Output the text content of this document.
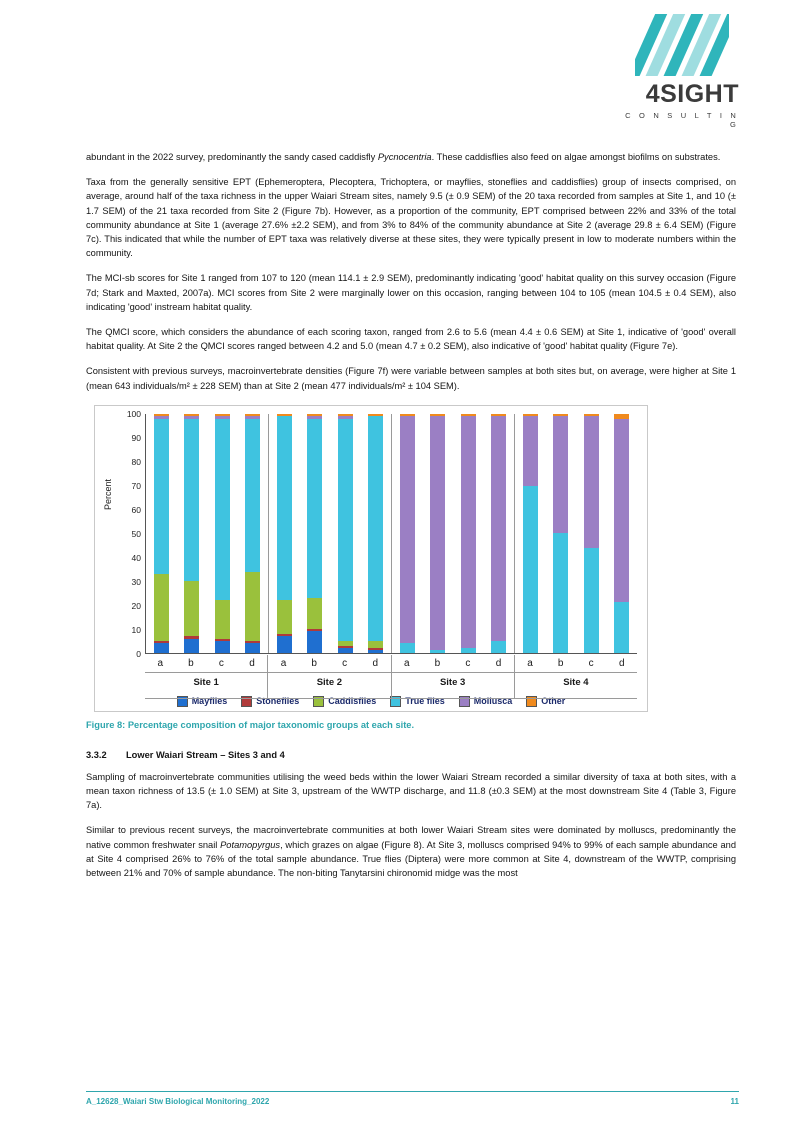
4SIGHT
C O N S U L T I N G

abundant in the 2022 survey, predominantly the sandy cased caddisfly Pycnocentria. These caddisflies also feed on algae amongst biofilms on substrates.

Taxa from the generally sensitive EPT (Ephemeroptera, Plecoptera, Trichoptera, or mayflies, stoneflies and caddisflies) group of insects comprised, on average, around half of the taxa richness in the upper Waiari Stream sites, namely 9.5 (± 0.9 SEM) of the 20 taxa recorded from samples at Site 1, and 10 (± 1.7 SEM) of the 21 taxa recorded from Site 2 (Figure 7b). However, as a proportion of the community, EPT comprised between 22% and 33% of the total community abundance at Site 1 (average 27.6% ±2.2 SEM), and from 3% to 84% of the community abundance at Site 2 (average 29.8 ± 6.4 SEM) (Figure 7c). This indicated that while the number of EPT taxa was relatively diverse at these sites, they were typically present in low to moderate numbers within the community.

The MCI-sb scores for Site 1 ranged from 107 to 120 (mean 114.1 ± 2.9 SEM), predominantly indicating 'good' habitat quality on this survey occasion (Figure 7d; Stark and Maxted, 2007a). MCI scores from Site 2 were marginally lower on this occasion, ranging between 104 to 105 (mean 104.5 ± 0.4 SEM), also indicating 'good' instream habitat quality.

The QMCI score, which considers the abundance of each scoring taxon, ranged from 2.6 to 5.6 (mean 4.4 ± 0.6 SEM) at Site 1, indicative of 'good' overall habitat quality. At Site 2 the QMCI scores ranged between 4.2 and 5.0 (mean 4.7 ± 0.2 SEM), also indicative of 'good' habitat quality (Figure 7e).

Consistent with previous surveys, macroinvertebrate densities (Figure 7f) were variable between samples at both sites but, on average, were higher at Site 1 (mean 643 individuals/m² ± 228 SEM) than at Site 2 (mean 477 individuals/m² ± 104 SEM).

Percent
0
10
20
30
40
50
60
70
80
90
100
a	b	c	d
Site 1
a	b	c	d
Site 2
a	b	c	d
Site 3
a	b	c	d
Site 4
Mayflies	Stoneflies	Caddisflies	True flies	Mollusca	Other
Figure 8: Percentage composition of major taxonomic groups at each site.
3.3.2 Lower Waiari Stream – Sites 3 and 4

Sampling of macroinvertebrate communities utilising the weed beds within the lower Waiari Stream recorded a similar diversity of taxa at both sites, with a mean taxon richness of 13.5 (± 1.0 SEM) at Site 3, upstream of the WWTP discharge, and 11.8 (±0.3 SEM) at the most downstream Site 4 (Table 3, Figure 7a).

Similar to previous recent surveys, the macroinvertebrate communities at both lower Waiari Stream sites were dominated by molluscs, predominantly the native common freshwater snail Potamopyrgus, which grazes on algae (Figure 8). At Site 3, molluscs comprised 94% to 99% of each sample abundance and at Site 4 comprised 26% to 76% of the total sample abundance. True flies (Diptera) were more common at Site 4, downstream of the WWTP, comprising between 21% and 70% of sample abundance. The non-biting Tanytarsini chironomid midge was the most

A_12628_Waiari Stw Biological Monitoring_2022	11
